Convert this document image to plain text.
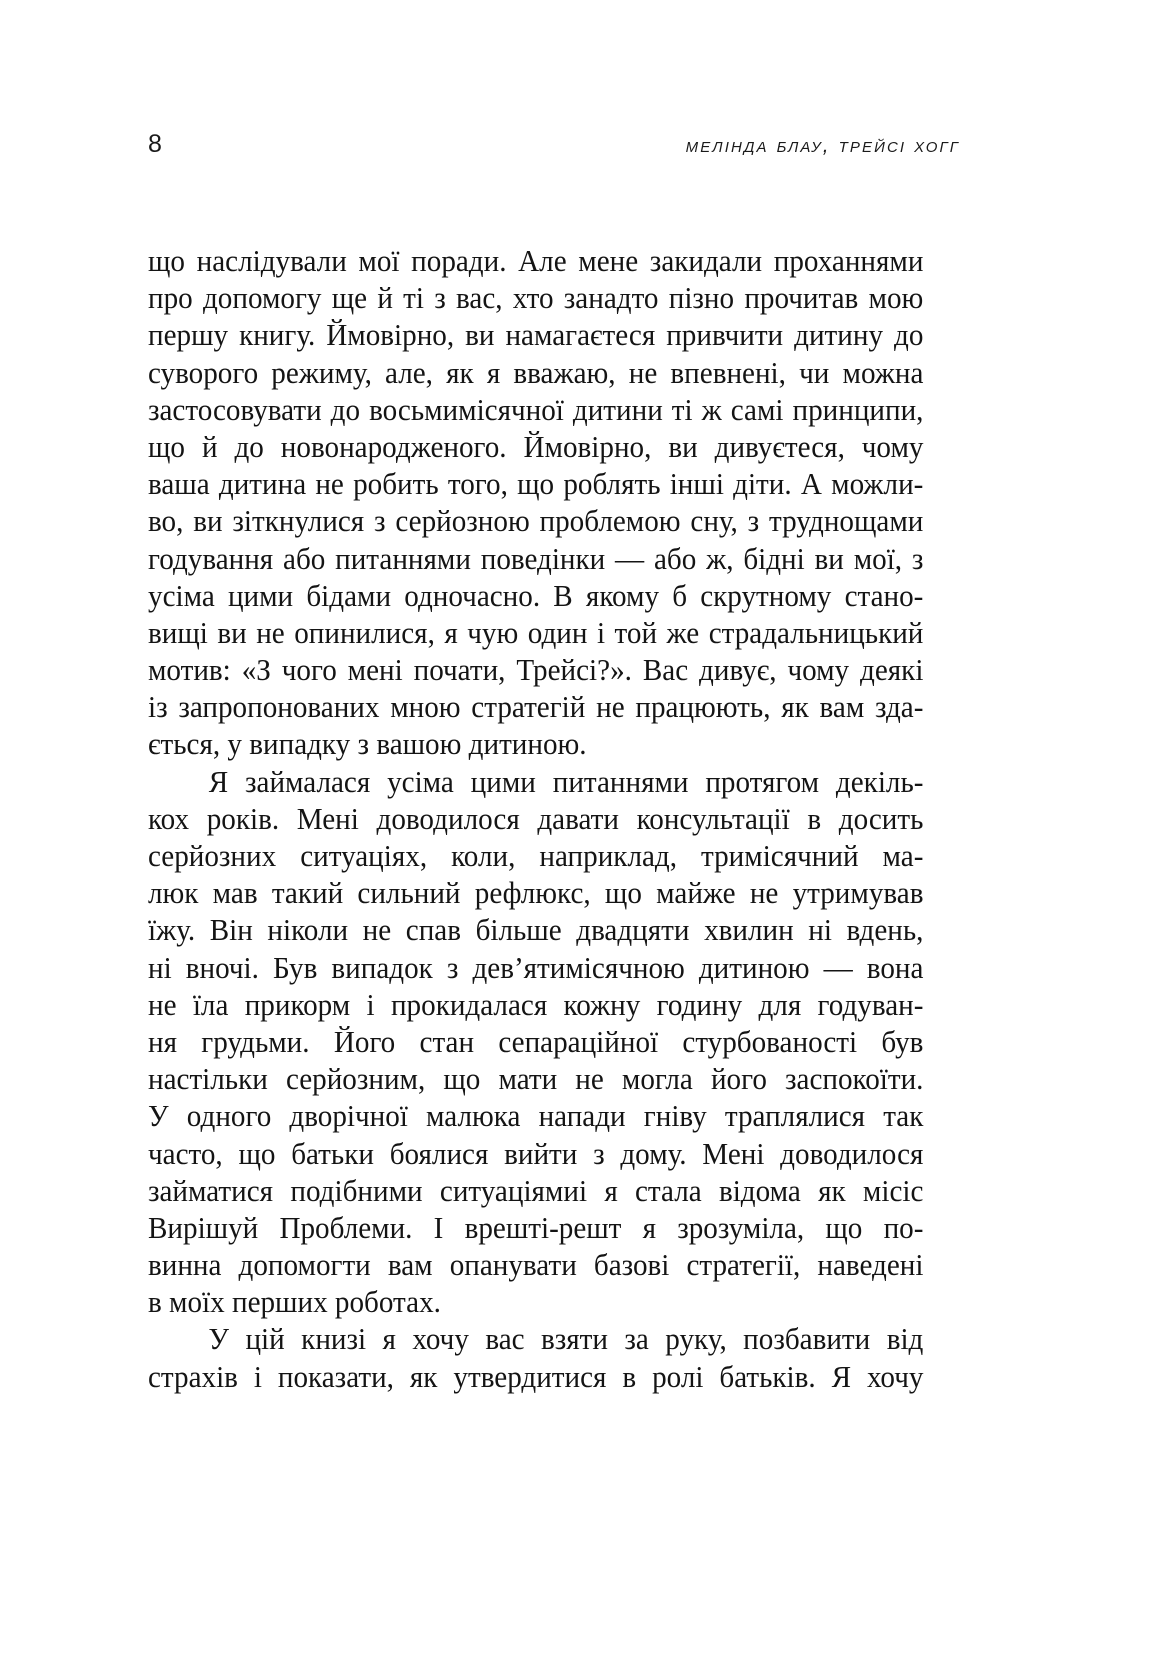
8	мелінда блау, трейсі хогг
що наслідували мої поради. Але мене закидали проханнями
про допомогу ще й ті з вас, хто занадто пізно прочитав мою
першу книгу. Ймовірно, ви намагаєтеся привчити дитину до
суворого режиму, але, як я вважаю, не впевнені, чи можна
застосовувати до восьмимісячної дитини ті ж самі принципи,
що й до новонародженого. Ймовірно, ви дивуєтеся, чому
ваша дитина не робить того, що роблять інші діти. А можли-
во, ви зіткнулися з серйозною проблемою сну, з труднощами
годування або питаннями поведінки — або ж, бідні ви мої, з
усіма цими бідами одночасно. В якому б скрутному стано-
вищі ви не опинилися, я чую один і той же страдальницький
мотив: «З чого мені почати, Трейсі?». Вас дивує, чому деякі
із запропонованих мною стратегій не працюють, як вам зда-
ється, у випадку з вашою дитиною.
Я займалася усіма цими питаннями протягом декіль-
кох років. Мені доводилося давати консультації в досить
серйозних ситуаціях, коли, наприклад, тримісячний ма-
люк мав такий сильний рефлюкс, що майже не утримував
їжу. Він ніколи не спав більше двадцяти хвилин ні вдень,
ні вночі. Був випадок з дев’ятимісячною дитиною — вона
не їла прикорм і прокидалася кожну годину для годуван-
ня грудьми. Його стан сепараційної стурбованості був
настільки серйозним, що мати не могла його заспокоїти.
У одного дворічної малюка напади гніву траплялися так
часто, що батьки боялися вийти з дому. Мені доводилося
займатися подібними ситуаціямиі я стала відома як місіс
Вирішуй Проблеми. І врешті-решт я зрозуміла, що по-
винна допомогти вам опанувати базові стратегії, наведені
в моїх перших роботах.
У цій книзі я хочу вас взяти за руку, позбавити від
страхів і показати, як утвердитися в ролі батьків. Я хочу
